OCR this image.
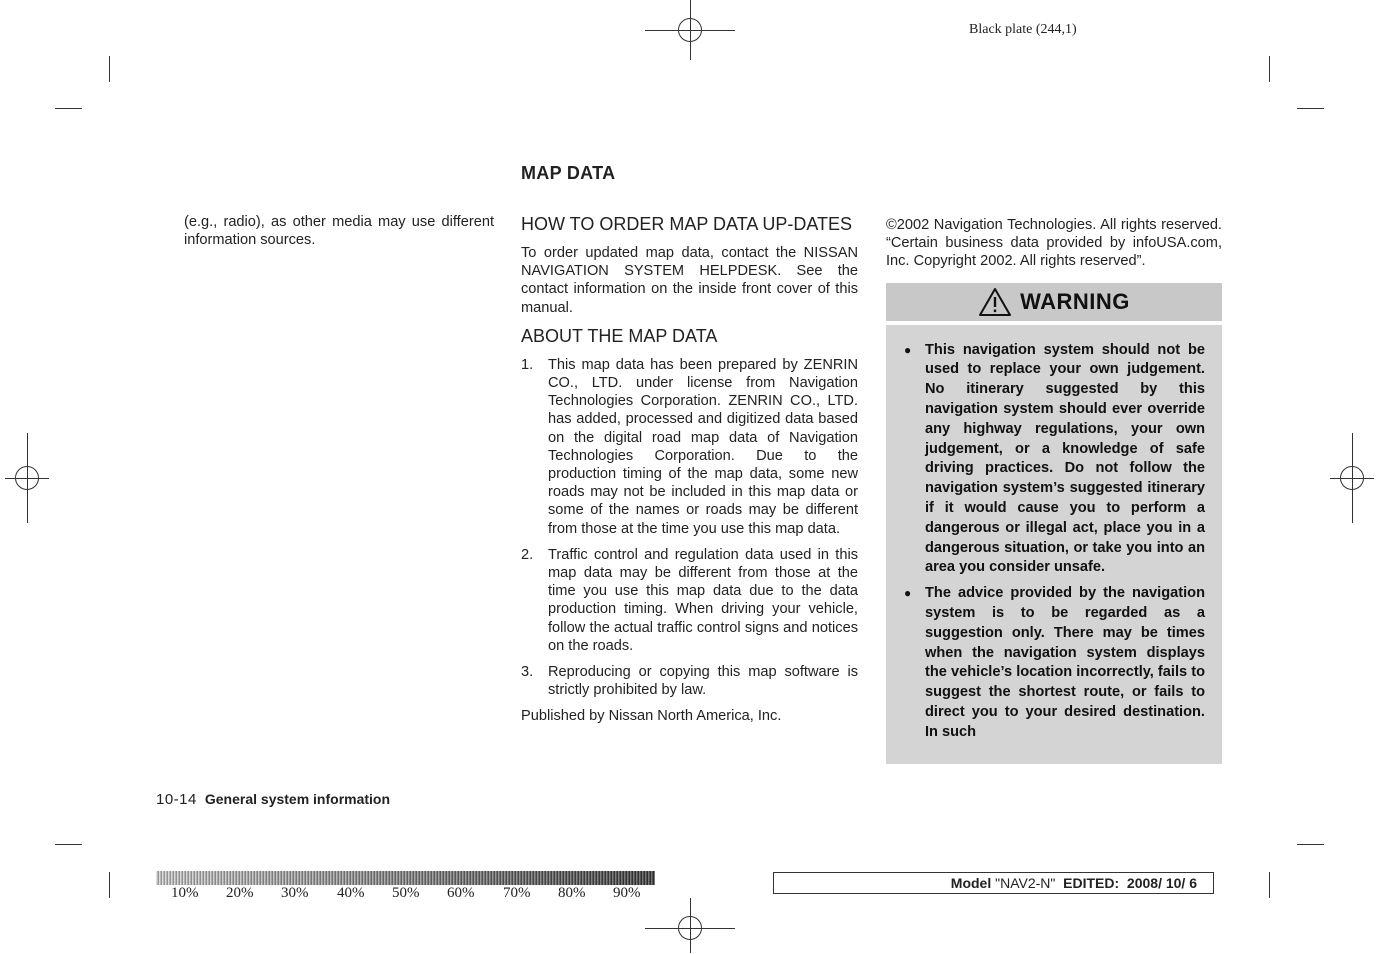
Black plate (244,1)
MAP DATA
(e.g., radio), as other media may use different information sources.
HOW TO ORDER MAP DATA UP-DATES
To order updated map data, contact the NISSAN NAVIGATION SYSTEM HELPDESK. See the contact information on the inside front cover of this manual.
ABOUT THE MAP DATA
1. This map data has been prepared by ZENRIN CO., LTD. under license from Navigation Technologies Corporation. ZENRIN CO., LTD. has added, processed and digitized data based on the digital road map data of Navigation Technologies Corporation. Due to the production timing of the map data, some new roads may not be included in this map data or some of the names or roads may be different from those at the time you use this map data.
2. Traffic control and regulation data used in this map data may be different from those at the time you use this map data due to the data production timing. When driving your vehicle, follow the actual traffic control signs and notices on the roads.
3. Reproducing or copying this map software is strictly prohibited by law.
Published by Nissan North America, Inc.
©2002 Navigation Technologies. All rights reserved. “Certain business data provided by infoUSA.com, Inc. Copyright 2002. All rights reserved”.
WARNING
● This navigation system should not be used to replace your own judgement. No itinerary suggested by this navigation system should ever override any highway regulations, your own judgement, or a knowledge of safe driving practices. Do not follow the navigation system’s suggested itinerary if it would cause you to perform a dangerous or illegal act, place you in a dangerous situation, or take you into an area you consider unsafe.
● The advice provided by the navigation system is to be regarded as a suggestion only. There may be times when the navigation system displays the vehicle’s location incorrectly, fails to suggest the shortest route, or fails to direct you to your desired destination. In such
10-14 General system information
10% 20% 30% 40% 50% 60% 70% 80% 90%
Model "NAV2-N"  EDITED:  2008/ 10/ 6
